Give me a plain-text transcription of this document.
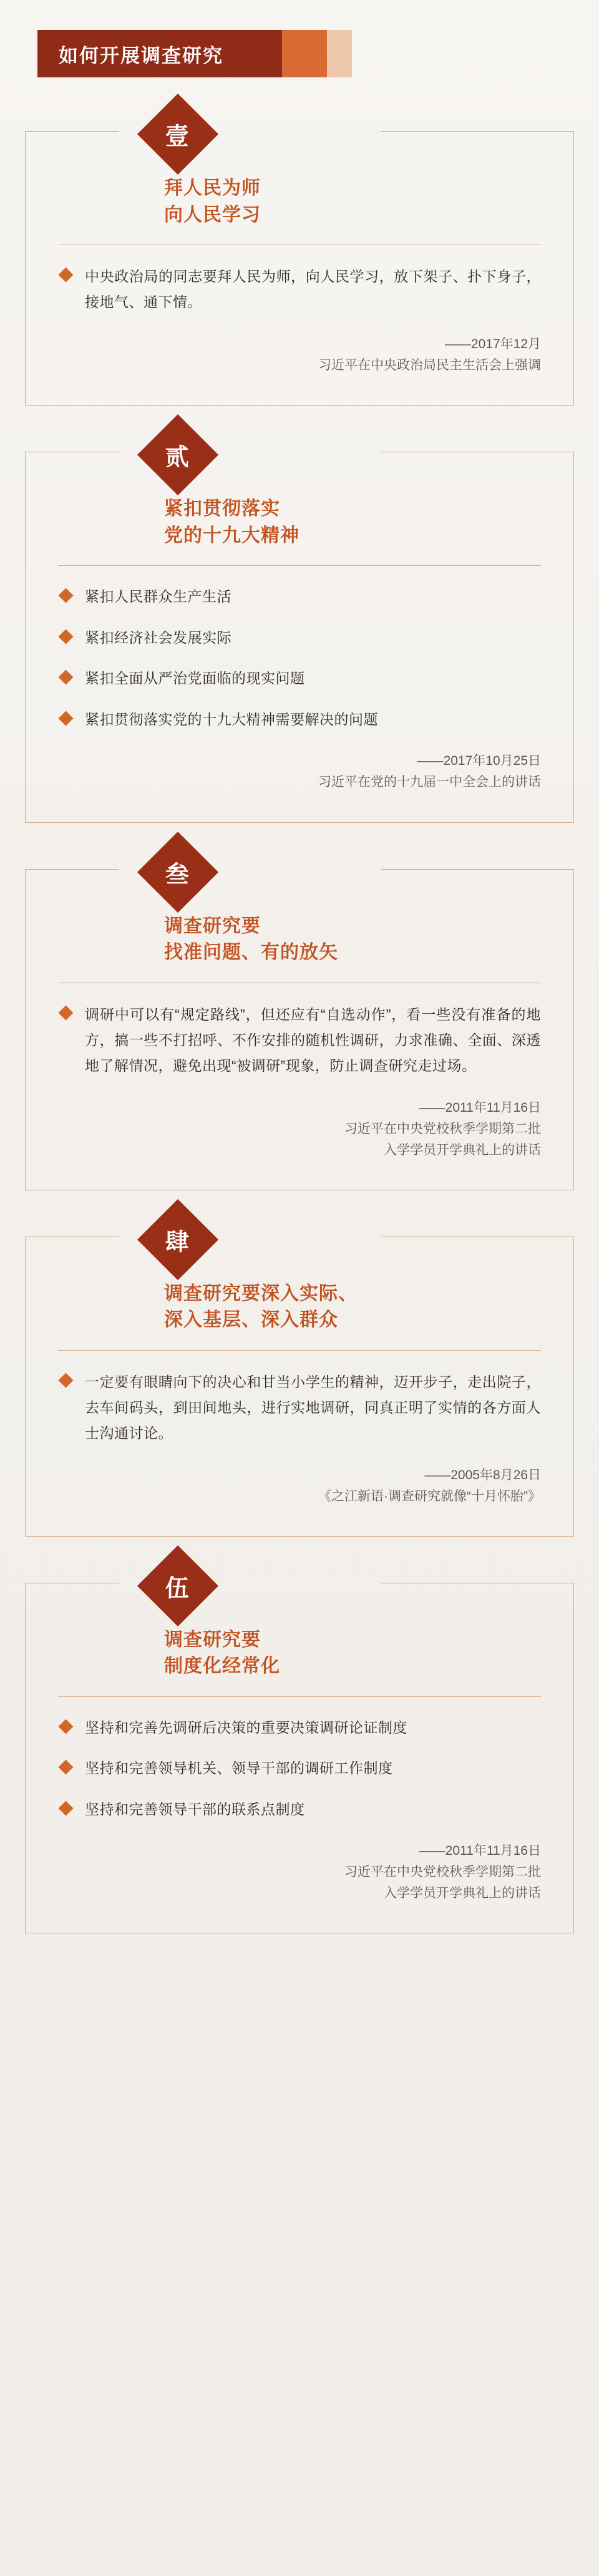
如何开展调查研究
壹
拜人民为师
向人民学习
中央政治局的同志要拜人民为师，向人民学习，放下架子、扑下身子，接地气、通下情。
——2017年12月
习近平在中央政治局民主生活会上强调
贰
紧扣贯彻落实
党的十九大精神
紧扣人民群众生产生活
紧扣经济社会发展实际
紧扣全面从严治党面临的现实问题
紧扣贯彻落实党的十九大精神需要解决的问题
——2017年10月25日
习近平在党的十九届一中全会上的讲话
叁
调查研究要
找准问题、有的放矢
调研中可以有“规定路线”，但还应有“自选动作”，看一些没有准备的地方，搞一些不打招呼、不作安排的随机性调研，力求准确、全面、深透地了解情况，避免出现“被调研”现象，防止调查研究走过场。
——2011年11月16日
习近平在中央党校秋季学期第二批
入学学员开学典礼上的讲话
肆
调查研究要深入实际、
深入基层、深入群众
一定要有眼睛向下的决心和甘当小学生的精神，迈开步子，走出院子，去车间码头，到田间地头，进行实地调研，同真正明了实情的各方面人士沟通讨论。
——2005年8月26日
《之江新语·调查研究就像“十月怀胎”》
伍
调查研究要
制度化经常化
坚持和完善先调研后决策的重要决策调研论证制度
坚持和完善领导机关、领导干部的调研工作制度
坚持和完善领导干部的联系点制度
——2011年11月16日
习近平在中央党校秋季学期第二批
入学学员开学典礼上的讲话
